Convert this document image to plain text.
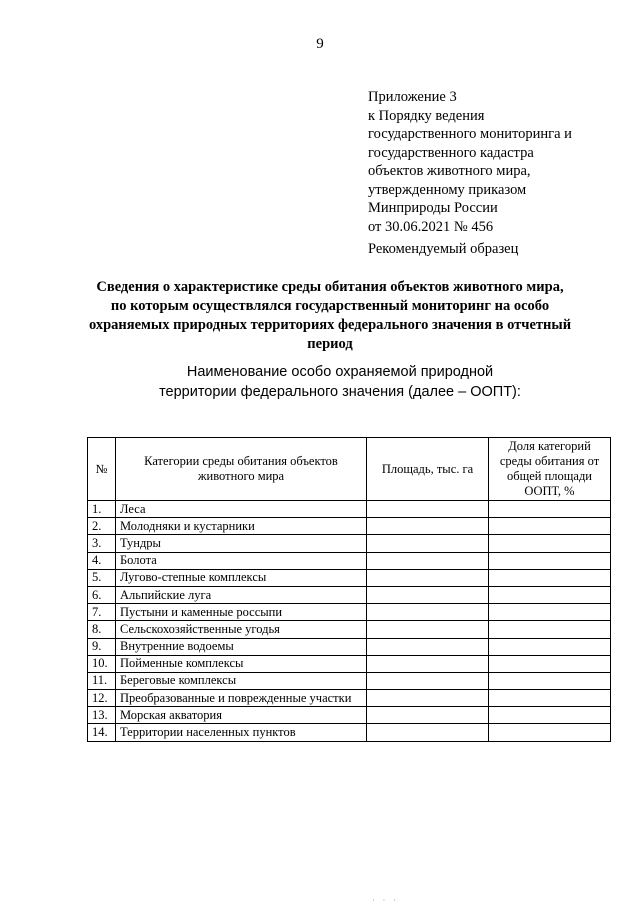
9
Приложение 3
к Порядку ведения
государственного мониторинга и
государственного кадастра
объектов животного мира,
утвержденному приказом
Минприроды России
от 30.06.2021 № 456
Рекомендуемый образец
Сведения о характеристике среды обитания объектов животного мира,
по которым осуществлялся государственный мониторинг на особо
охраняемых природных территориях федерального значения в отчетный
период
Наименование особо охраняемой природной
территории федерального значения (далее – ООПТ):
№	Категории среды обитания объектов животного мира	Площадь, тыс. га	Доля категорий среды обитания от общей площади ООПТ, %
1.	Леса		
2.	Молодняки и кустарники		
3.	Тундры		
4.	Болота		
5.	Лугово-степные комплексы		
6.	Альпийские луга		
7.	Пустыни и каменные россыпи		
8.	Сельскохозяйственные угодья		
9.	Внутренние водоемы		
10.	Пойменные комплексы		
11.	Береговые комплексы		
12.	Преобразованные и поврежденные участки		
13.	Морская акватория		
14.	Территории населенных пунктов		
· · ·
